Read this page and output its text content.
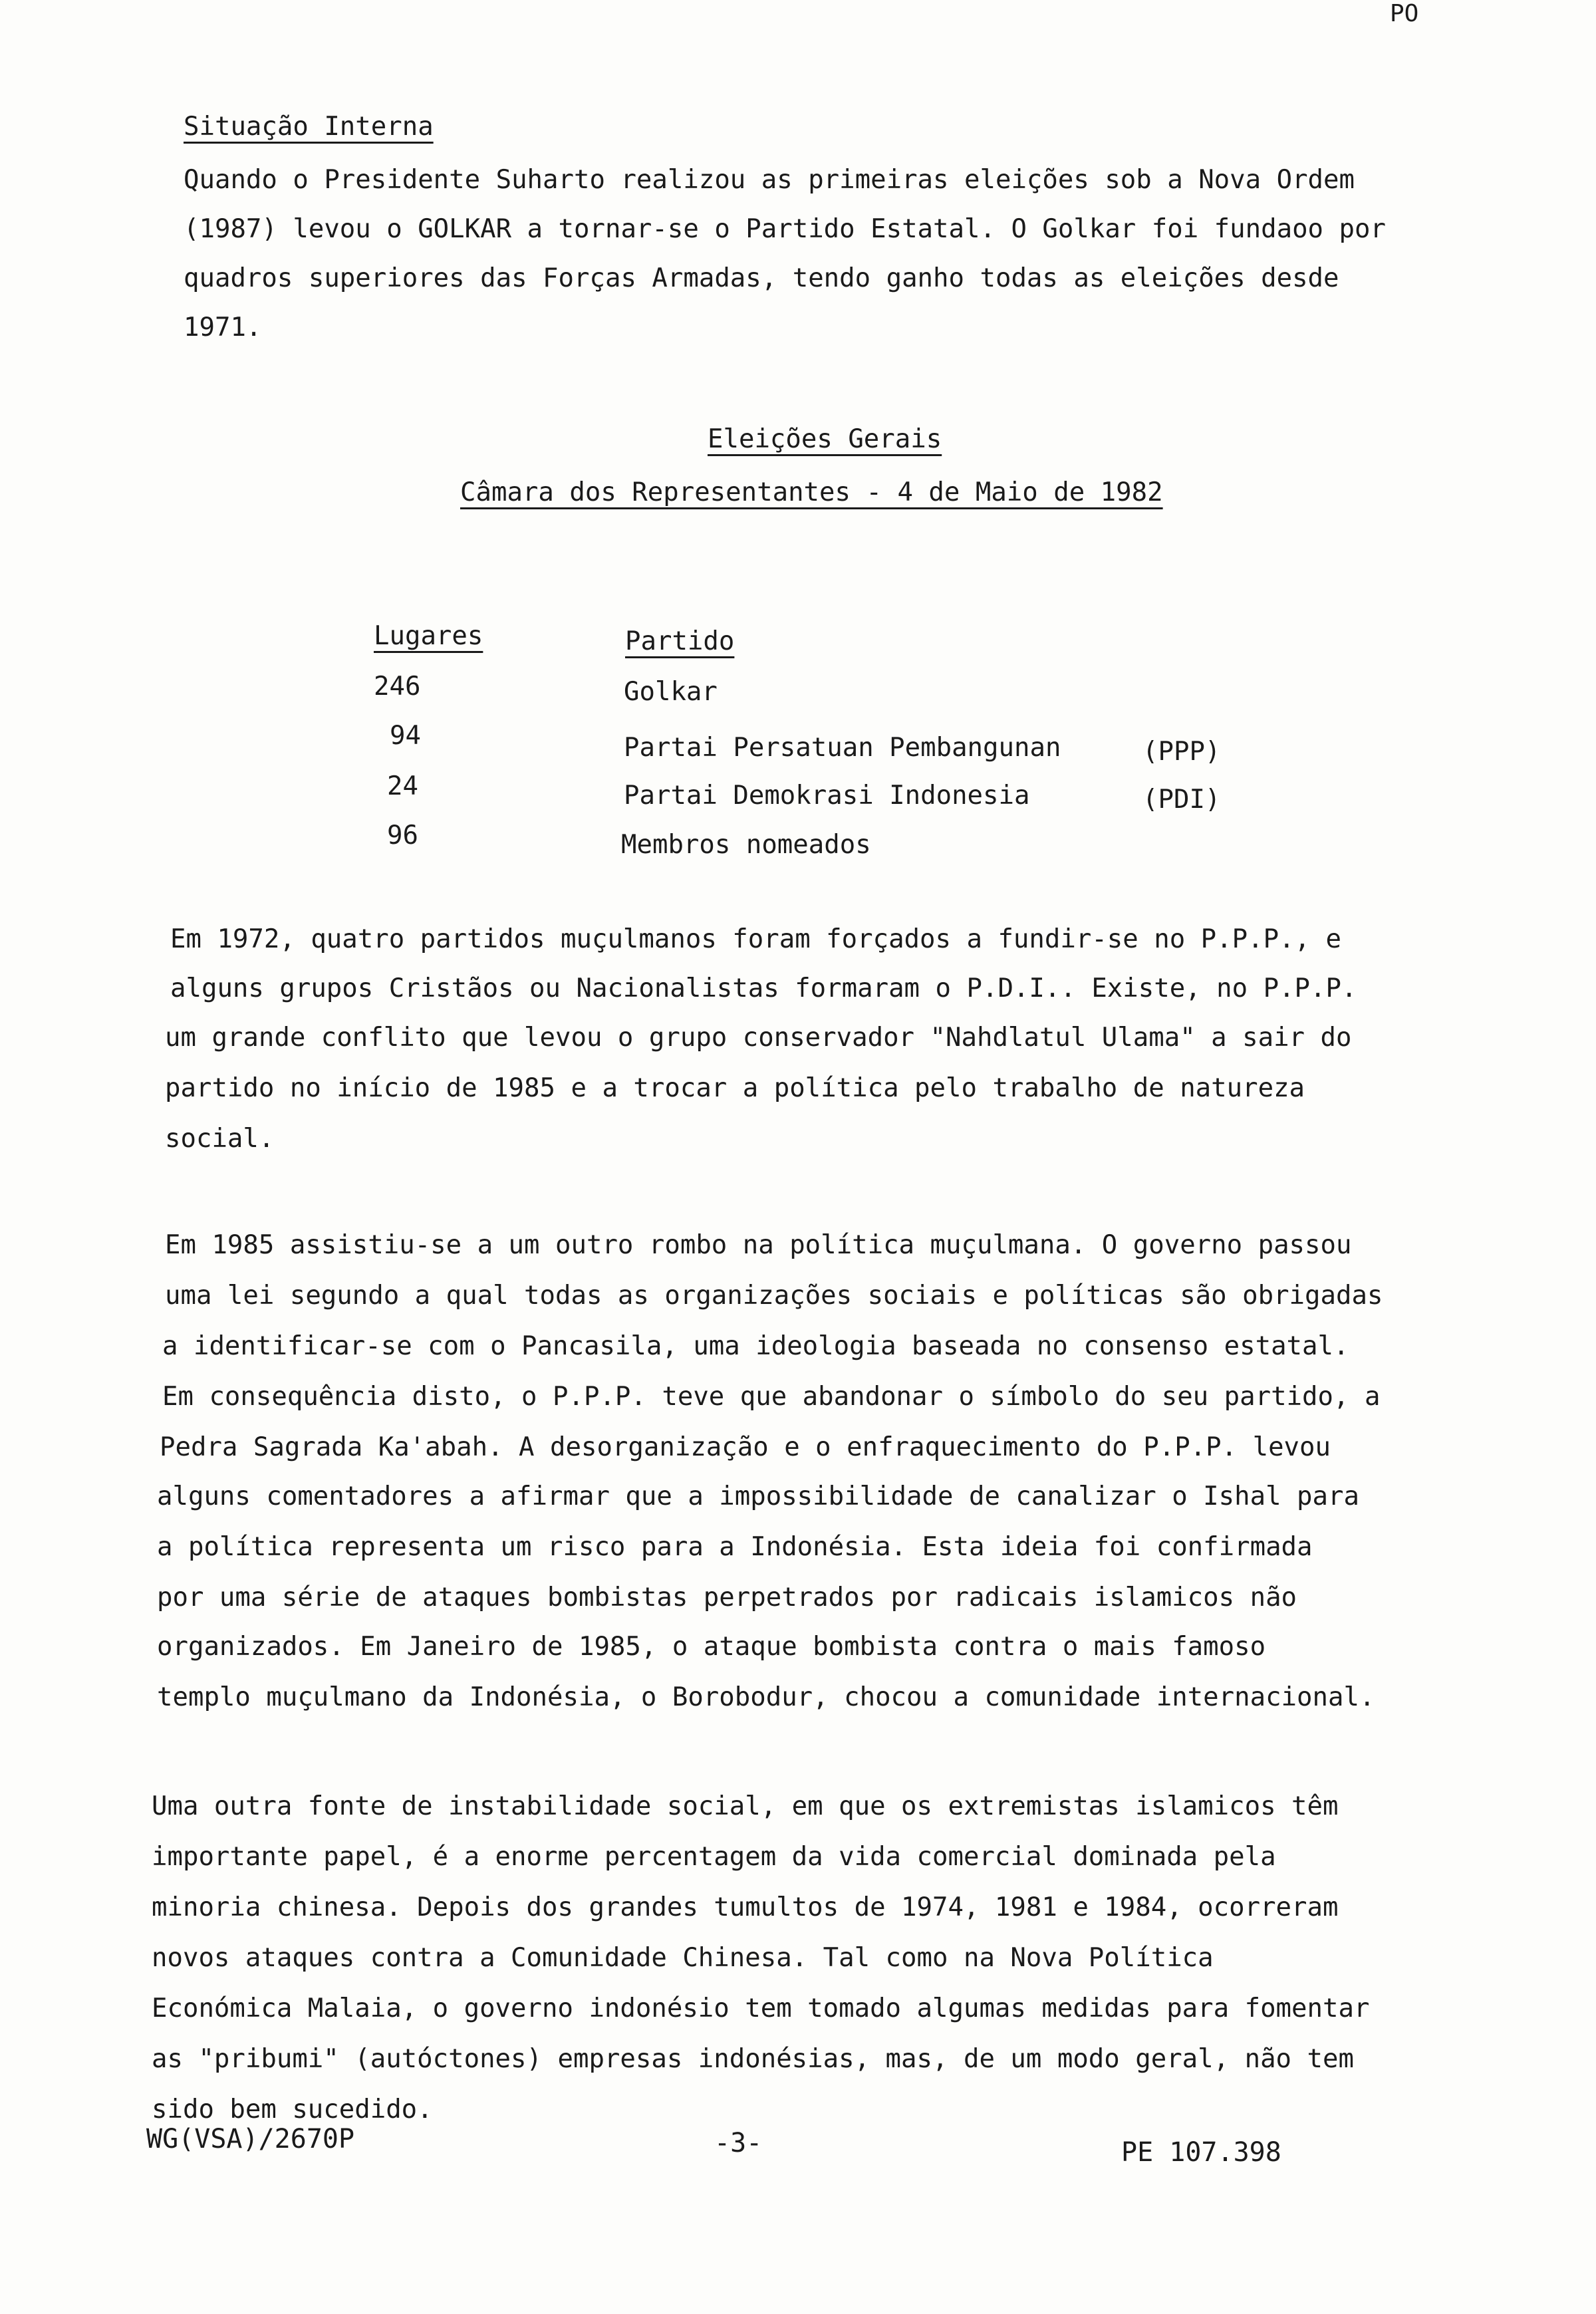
PO
Situação Interna
Quando o Presidente Suharto realizou as primeiras eleições sob a Nova Ordem
(1987) levou o GOLKAR a tornar-se o Partido Estatal. O Golkar foi fundaoo por
quadros superiores das Forças Armadas, tendo ganho todas as eleições desde
1971.
Eleições Gerais
Câmara dos Representantes - 4 de Maio de 1982
Lugares	Partido
246	Golkar
94	Partai Persatuan Pembangunan	(PPP)
24	Partai Demokrasi Indonesia	(PDI)
96	Membros nomeados
Em 1972, quatro partidos muçulmanos foram forçados a fundir-se no P.P.P., e
alguns grupos Cristãos ou Nacionalistas formaram o P.D.I.. Existe, no P.P.P.
um grande conflito que levou o grupo conservador "Nahdlatul Ulama" a sair do
partido no início de 1985 e a trocar a política pelo trabalho de natureza
social.
Em 1985 assistiu-se a um outro rombo na política muçulmana. O governo passou
uma lei segundo a qual todas as organizações sociais e políticas são obrigadas
a identificar-se com o Pancasila, uma ideologia baseada no consenso estatal.
Em consequência disto, o P.P.P. teve que abandonar o símbolo do seu partido, a
Pedra Sagrada Ka'abah. A desorganização e o enfraquecimento do P.P.P. levou
alguns comentadores a afirmar que a impossibilidade de canalizar o Ishal para
a política representa um risco para a Indonésia. Esta ideia foi confirmada
por uma série de ataques bombistas perpetrados por radicais islamicos não
organizados. Em Janeiro de 1985, o ataque bombista contra o mais famoso
templo muçulmano da Indonésia, o Borobodur, chocou a comunidade internacional.
Uma outra fonte de instabilidade social, em que os extremistas islamicos têm
importante papel, é a enorme percentagem da vida comercial dominada pela
minoria chinesa. Depois dos grandes tumultos de 1974, 1981 e 1984, ocorreram
novos ataques contra a Comunidade Chinesa. Tal como na Nova Política
Económica Malaia, o governo indonésio tem tomado algumas medidas para fomentar
as "pribumi" (autóctones) empresas indonésias, mas, de um modo geral, não tem
sido bem sucedido.
WG(VSA)/2670P	-3-	PE 107.398
